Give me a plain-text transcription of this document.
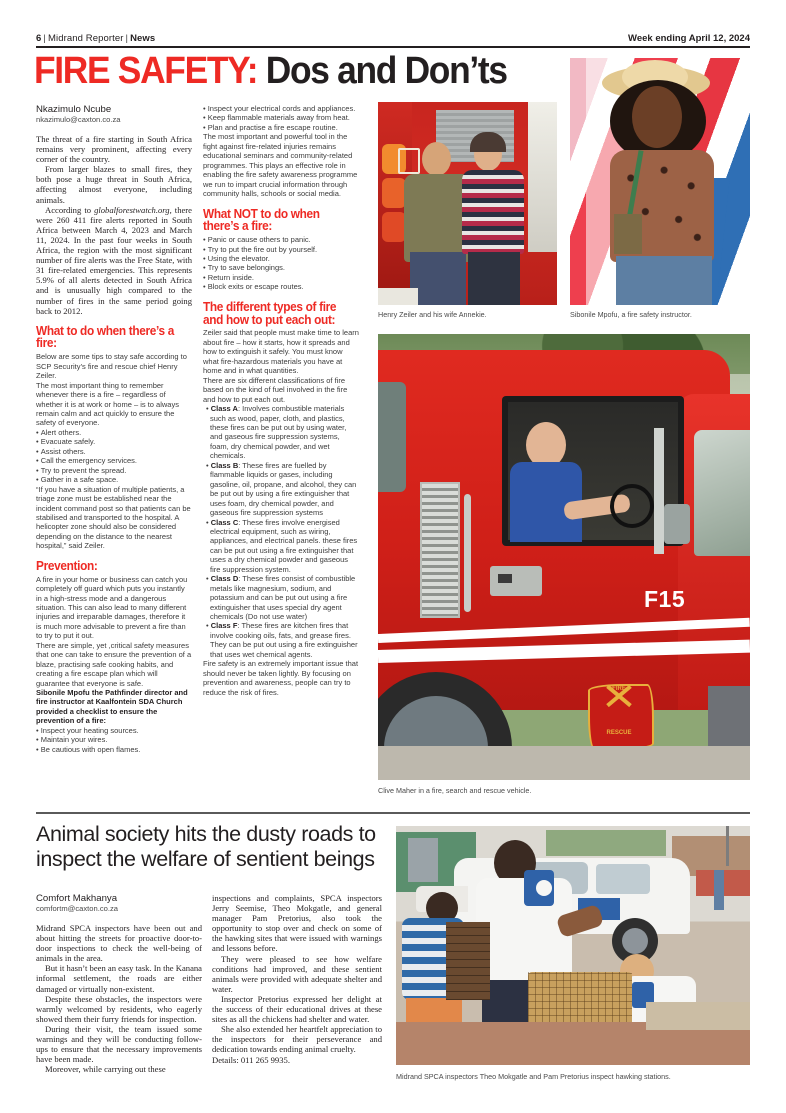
6 | Midrand Reporter | News	Week ending April 12, 2024
FIRE SAFETY: Dos and Don’ts
Henry Zeiler and his wife Annekie.	Sibonile Mpofu, a fire safety instructor.
F15
FIRE
RESCUE
Clive Maher in a fire, search and rescue vehicle.
Nkazimulo Ncube
nkazimulo@caxton.co.za

The threat of a fire starting in South Africa remains very prominent, affecting every corner of the country.

From larger blazes to small fires, they both pose a huge threat in South Africa, affecting almost everyone, including animals.

According to globalforestwatch.org, there were 260 411 fire alerts reported in South Africa between March 4, 2023 and March 11, 2024. In the past four weeks in South Africa, the region with the most significant number of fire alerts was the Free State, with 31 fire-related emergencies. This represents 5.9% of all alerts detected in South Africa and is unusually high compared to the number of fires in the same period going back to 2012.

What to do when there’s a fire:

Below are some tips to stay safe according to SCP Security’s fire and rescue chief Henry Zeiler.

The most important thing to remember whenever there is a fire – regardless of whether it is at work or home – is to always remain calm and act quickly to ensure the safety of everyone.

• Alert others.

• Evacuate safely.

• Assist others.

• Call the emergency services.

• Try to prevent the spread.

• Gather in a safe space.

“If you have a situation of multiple patients, a triage zone must be established near the incident command post so that patients can be stabilised and transported to the hospital. A helicopter zone should also be considered depending on the distance to the nearest hospital,” said Zeiler.

Prevention:

A fire in your home or business can catch you completely off guard which puts you instantly in a high-stress mode and a dangerous situation. This can also lead to many different injuries and irreparable damages, therefore it is much more advisable to prevent a fire than to try to put it out.

There are simple, yet ,critical safety measures that one can take to ensure the prevention of a blaze, practising safe cooking habits, and creating a fire escape plan which will guarantee that everyone is safe.

Sibonile Mpofu the Pathfinder director and fire instructor at Kaalfontein SDA Church provided a checklist to ensure the prevention of a fire:

• Inspect your heating sources.

• Maintain your wires.

• Be cautious with open flames.

• Inspect your electrical cords and appliances.

• Keep flammable materials away from heat.

• Plan and practise a fire escape routine.

The most important and powerful tool in the fight against fire-related injuries remains educational seminars and community-related programmes. This plays an effective role in enabling the fire safety awareness programme we run to impart crucial information through community halls, schools or social media.

What NOT to do when there’s a fire:

• Panic or cause others to panic.

• Try to put the fire out by yourself.

• Using the elevator.

• Try to save belongings.

• Return inside.

• Block exits or escape routes.

The different types of fire and how to put each out:

Zeiler said that people must make time to learn about fire – how it starts, how it spreads and how to extinguish it safely. You must know what fire-hazardous materials you have at home and in what quantities.

There are six different classifications of fire based on the kind of fuel involved in the fire and how to put each out.

• Class A: Involves combustible materials such as wood, paper, cloth, and plastics, these fires can be put out by using water, and gaseous fire suppression systems, foam, dry chemical powder, and wet chemicals.

• Class B: These fires are fuelled by flammable liquids or gases, including gasoline, oil, propane, and alcohol, they can be put out by using a fire extinguisher that uses foam, dry chemical powder, and gaseous fire suppression systems

• Class C: These fires involve energised electrical equipment, such as wiring, appliances, and electrical panels. these fires can be put out using a fire extinguisher that uses a dry chemical powder and gaseous fire suppression system.

• Class D: These fires consist of combustible metals like magnesium, sodium, and potassium and can be put out using a fire extinguisher that uses special dry agent chemicals (Do not use water)

• Class F: These fires are kitchen fires that involve cooking oils, fats, and grease fires. They can be put out using a fire extinguisher that uses wet chemical agents.

Fire safety is an extremely important issue that should never be taken lightly. By focusing on prevention and awareness, people can try to reduce the risk of fires.

Animal society hits the dusty roads to inspect the welfare of sentient beings
Midrand SPCA inspectors Theo Mokgatle and Pam Pretorius inspect hawking stations.
Comfort Makhanya
comfortm@caxton.co.za

Midrand SPCA inspectors have been out and about hitting the streets for proactive door-to-door inspections to check the well-being of animals in the area.

But it hasn’t been an easy task. In the Kanana informal settlement, the roads are either damaged or virtually non-existent.

Despite these obstacles, the inspectors were warmly welcomed by residents, who eagerly showed them their furry friends for inspection.

During their visit, the team issued some warnings and they will be conducting follow-ups to ensure that the necessary improvements have been made.

Moreover, while carrying out these

inspections and complaints, SPCA inspectors Jerry Seemise, Theo Mokgatle, and general manager Pam Pretorius, also took the opportunity to stop over and check on some of the hawking sites that were issued with warnings and lessons before.

They were pleased to see how welfare conditions had improved, and these sentient animals were provided with adequate shelter and water.

Inspector Pretorius expressed her delight at the success of their educational drives at these sites as all the chickens had shelter and water.

She also extended her heartfelt appreciation to the inspectors for their perseverance and dedication towards ending animal cruelty.

Details: 011 265 9935.
